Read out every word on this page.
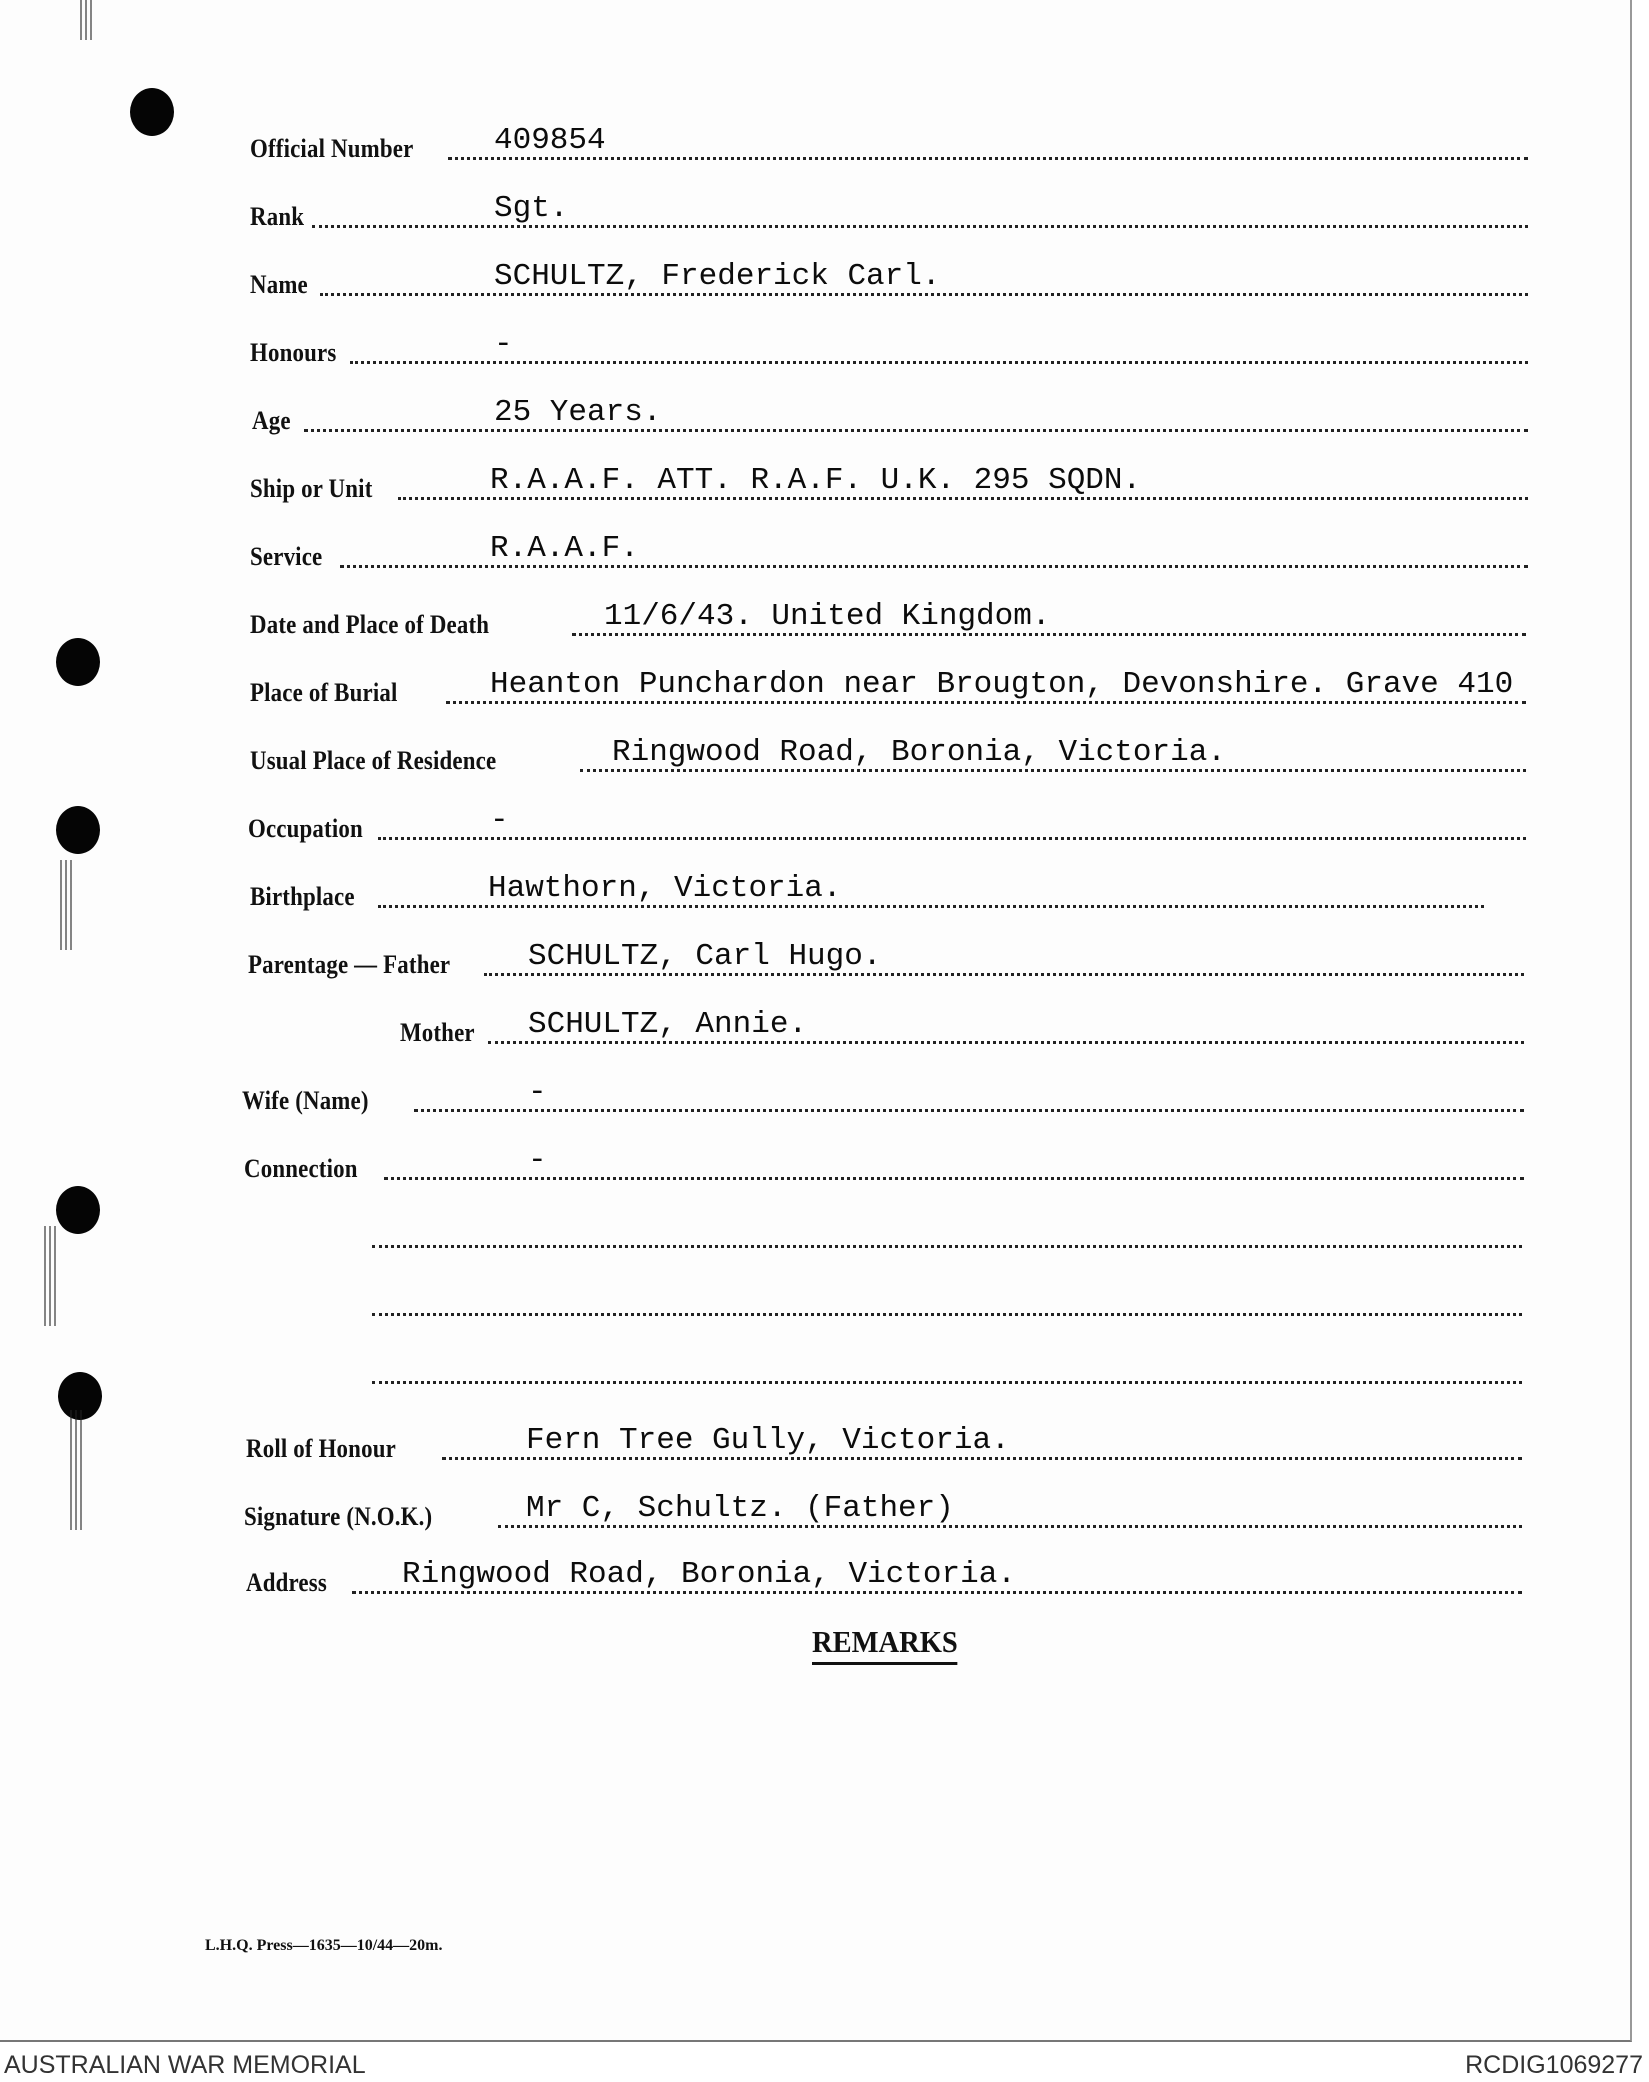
Official Number	409854
Rank	Sgt.
Name	SCHULTZ, Frederick Carl.
Honours	-
Age	25 Years.
Ship or Unit	R.A.A.F. ATT. R.A.F. U.K. 295 SQDN.
Service	R.A.A.F.
Date and Place of Death	11/6/43. United Kingdom.
Place of Burial	Heanton Punchardon near Brougton, Devonshire. Grave 410
Usual Place of Residence	Ringwood Road, Boronia, Victoria.
Occupation	-
Birthplace	Hawthorn, Victoria.
Parentage — Father	SCHULTZ, Carl Hugo.
Mother SCHULTZ, Annie.
Wife (Name)	-
Connection	-
Roll of Honour	Fern Tree Gully, Victoria.
Signature (N.O.K.)	Mr C, Schultz. (Father)
Address Ringwood Road, Boronia, Victoria.
REMARKS
L.H.Q. Press—1635—10/44—20m.
AUSTRALIAN WAR MEMORIAL	RCDIG1069277
